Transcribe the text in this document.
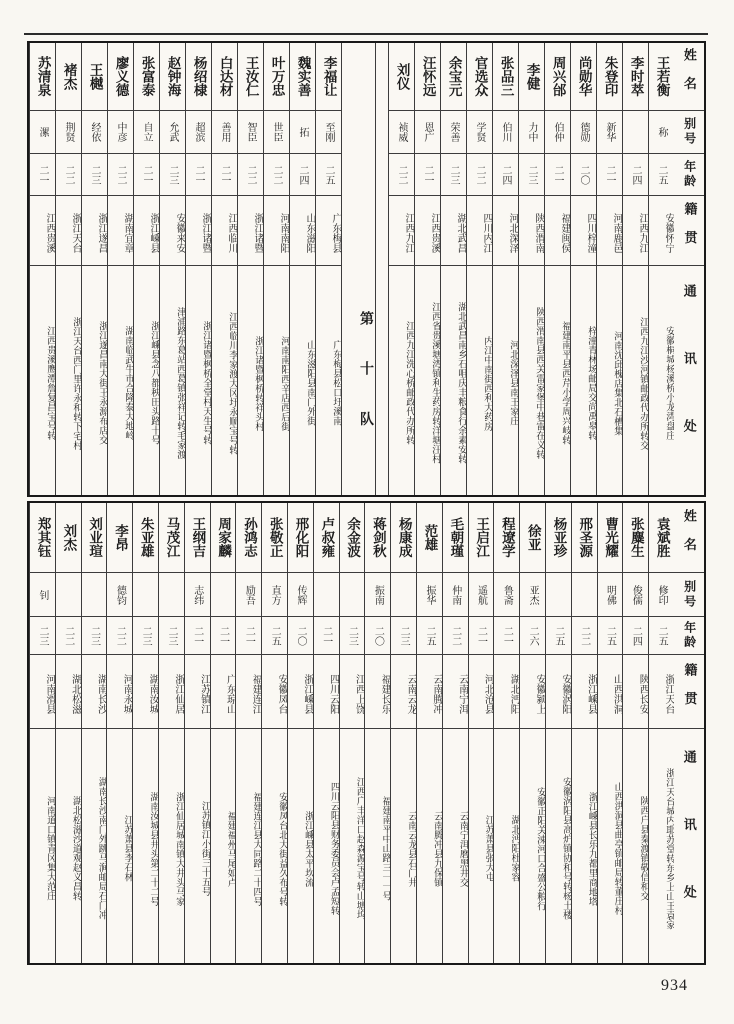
姓名
别号
年龄
籍贯
通讯处
王若衡
称
二五
安徽怀宁
安徽桐城杨溪桥小龙湾盘庄
李时萃
二四
江西九江
江西九江沙河镇邮政代办所转交
朱登印
新华
二一
河南鹿邑
河南沈邱槐店集北石槽集
尚勋华
德勋
二〇
四川梓潼
梓潼青林场邮局交尚禹皋转
周兴邰
伯仲
二一
福建闽侯
福建南平县西芹小学周兴岐转
李健
力中
二三
陕西渭南
陕西渭南县西关雷家堡中巷雷在义转
张品三
伯川
二四
河北深泽
河北深泽县南王家庄
官选众
学贤
二二
四川内江
内江中南街西利大药房
余宝元
荣善
二三
湖北武昌
湖北武昌南乡石咀庆丰粮食行余素安转
汪怀远
恩广
二一
江西贵溪
江西省贵溪塘湾镇利生药房转洋塘汪村
刘仪
祯威
二二
江西九江
江西九江洗心桥邮政代办所转
第十队
李福让
至刚
二五
广东梅县
广东梅县松口圩溪南
魏实善
拓
二四
山东滋阳
山东滋阳县南门外街
叶万忠
世臣
二二
河南南阳
河南南阳西辛店西后街
王汝仁
智臣
二二
浙江诸暨
浙江诸暨枫桥转祥头村
白达材
善用
二一
江西临川
江西临川李家渡大冈圩永顺宝号转
杨绍棣
超滨
二一
浙江诸暨
浙江诸暨枫桥全堂村天生号转
赵钟海
允武
二三
安徽来安
津浦路东葛站西葛镇张祥记转毛家渡
张富泰
自立
二一
浙江嵊县
浙江嵊县念八都秧田头路十号
廖义德
中彦
二二
湖南宜章
湖南临武牛市合隆泰大地岭
王樾
经依
二三
浙江遂昌
浙江遂昌南大街王永源布店交
褚杰
荆贤
二二
浙江天台
浙江天台西门里许永和转下宅村
苏清泉
漯
二一
江西贵溪
江西贵溪鹰潭詹复昌宝号转
姓名
别号
年龄
籍贯
通讯处
袁斌胜
修印
二五
浙江天台
浙江天台城内耶苏堂转东乡上山王袁家
张麋生
俊儒
二四
陕西长安
陕西户县秦渡镇敬信和交
曹光耀
明佛
二五
山西洪洞
山西洪洞县曲亭镇邮局转董庄村
邢圣源
二二
浙江嵊县
浙江嵊县长乐九都里商地塔
杨亚珍
二五
安徽涡阳
安徽涡阳县高炉镇协和号转杨土楼
徐亚
亚杰
二六
安徽颍上
安徽正阳关涑河口合盛公粮行
程遼学
鲁斋
二一
湖北沔阳
湖北沔阳杜家容
王启江
遥航
二一
河北沧县
江苏萧县张大屯
毛朝瑾
仲南
二二
云南宁洱
云南宁洱磨黑井交
范雄
振华
二五
云南腾冲
云南腾冲县九保镇
杨康成
二三
云南云龙
云南云龙县石门井
蒋剑秋
振南
二〇
福建长乐
福建南平中山路三一一号
余金波
二三
江西上饶
江西广丰洋口赵森源宝号转山塘坞
卢叔雍
二一
四川云阳
四川云阳县财务委员会卢孟短转
邢化阳
传辉
二〇
浙江嵊县
浙江嵊县太平坎流
张敬正
直方
二五
安徽凤台
安徽凤台北大街益久布号转
孙鸿志
励吾
二一
福建连江
福建连江县大同路二十四号
周家麟
二一
广东琼山
福建福州马尾如卢
王纲吉
志纬
二一
江苏镇江
江苏镇江小街三十五号
马茂江
二三
浙江仙居
浙江仙居城南镇大井头马家
朱亚雄
二三
湖南汝城
湖南汝城县井头第二十二号
李昂
德钧
二二
河南永城
江苏萧县李石林
刘业瑄
二三
湖南长沙
湖南长沙南门外跳马涧邮局石门冲
刘杰
二二
湖北松滋
湖北松滋沙道观赵义昌转
郑其钰
钊
二三
河南滑县
河南道口镇青冈集大范庄
934
